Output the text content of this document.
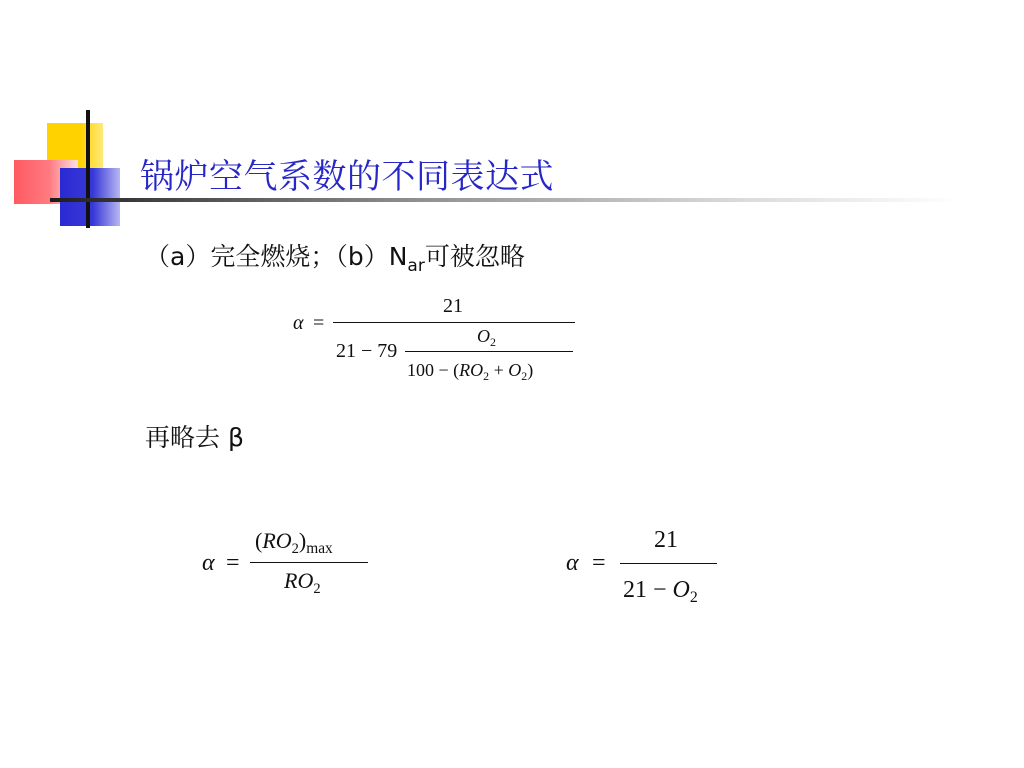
锅炉空气系数的不同表达式
（a）完全燃烧；$(b)N_{ar}$可被忽略
α =
21
21 − 79
$O_2$
$100 - (RO_2 + O_2)$
再略去 β
α =
$(RO_2)_{max}$
$RO_2$
α =
21
$21 - O_2$
